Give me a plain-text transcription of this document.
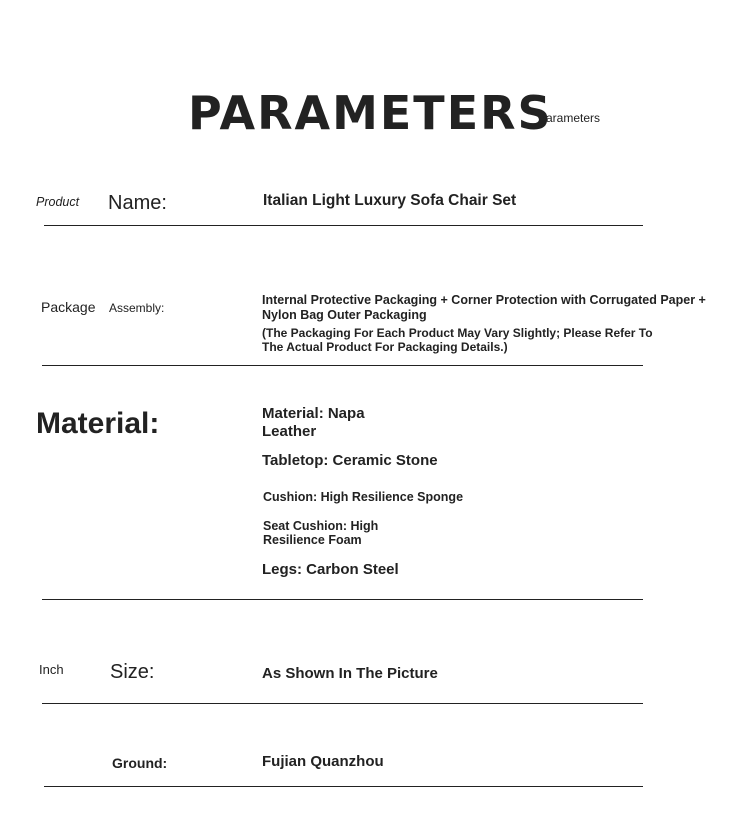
PARAMETERS
Parameters
Product Name:	Italian Light Luxury Sofa Chair Set
Package Assembly:
Internal Protective Packaging + Corner Protection with Corrugated Paper +
Nylon Bag Outer Packaging
(The Packaging For Each Product May Vary Slightly; Please Refer To
The Actual Product For Packaging Details.)
Material:	Material: Napa
Leather
Tabletop: Ceramic Stone
Cushion: High Resilience Sponge
Seat Cushion: High
Resilience Foam
Legs: Carbon Steel
Inch Size:	As Shown In The Picture
Ground:	Fujian Quanzhou
